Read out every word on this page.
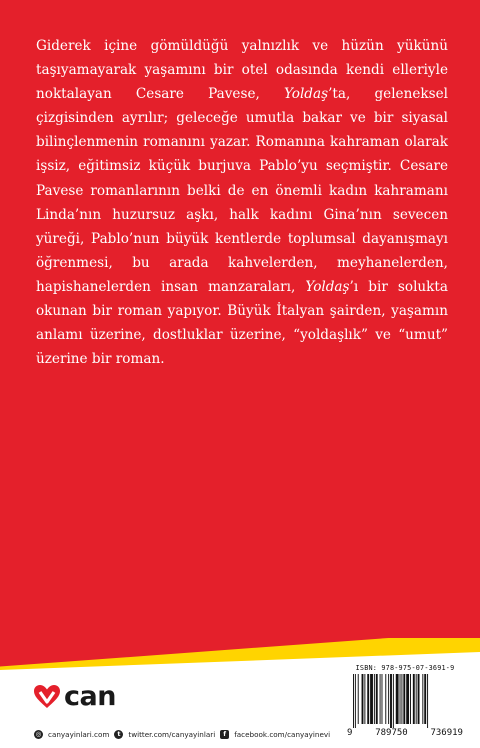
Giderek içine gömüldüğü yalnızlık ve hüzün yükünü taşıyamayarak yaşamını bir otel odasında kendi elleriyle noktalayan Cesare Pavese, Yoldaş’ta, geleneksel çizgisinden ayrılır; geleceğe umutla bakar ve bir siyasal bilinçlenmenin romanını yazar. Romanına kahraman olarak işsiz, eğitimsiz küçük burjuva Pablo’yu seçmiştir. Cesare Pavese romanlarının belki de en önemli kadın kahramanı Linda’nın huzursuz aşkı, halk kadını Gina’nın sevecen yüreği, Pablo’nun büyük kentlerde toplumsal dayanışmayı öğrenmesi, bu arada kahvelerden, meyhanelerden, hapishanelerden insan manzaraları, Yoldaş’ı bir solukta okunan bir roman yapıyor. Büyük İtalyan şairden, yaşamın anlamı üzerine, dostluklar üzerine, “yoldaşlık” ve “umut” üzerine bir roman.

can
◎ canyayinlari.com	t	twitter.com/canyayinlari	f	facebook.com/canyayinevi
ISBN: 978-975-07-3691-9
9	789750	736919
